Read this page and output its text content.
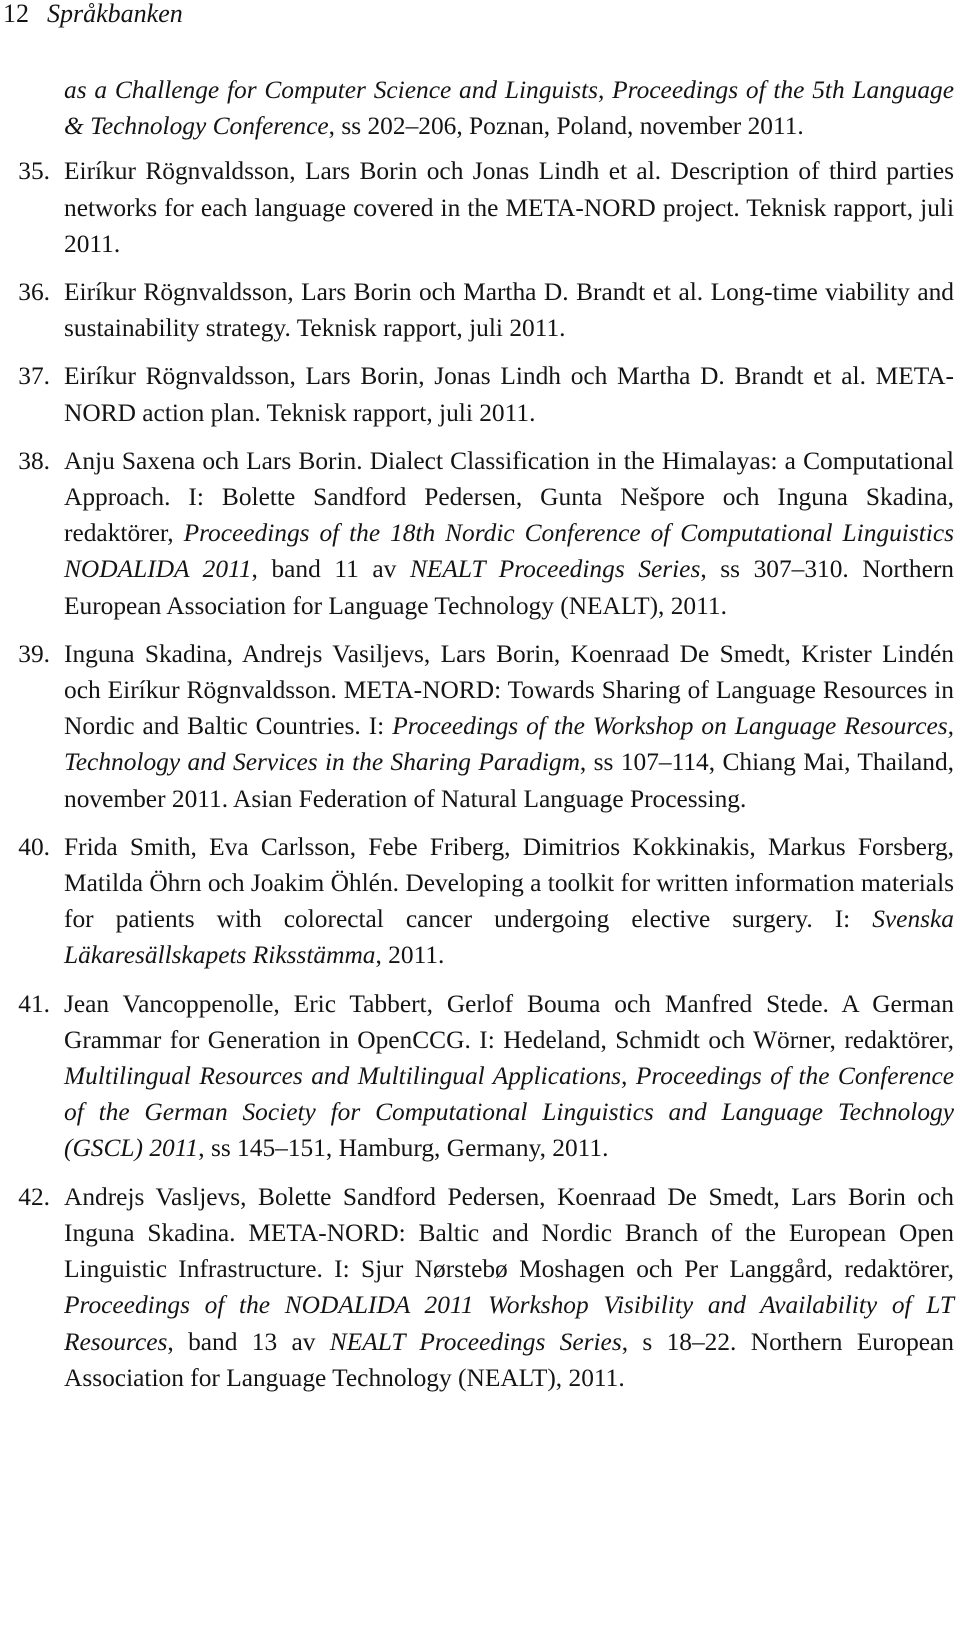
12 Språkbanken
as a Challenge for Computer Science and Linguists, Proceedings of the 5th Language & Technology Conference, ss 202–206, Poznan, Poland, november 2011.
35. Eiríkur Rögnvaldsson, Lars Borin och Jonas Lindh et al. Description of third parties networks for each language covered in the META-NORD project. Teknisk rapport, juli 2011.
36. Eiríkur Rögnvaldsson, Lars Borin och Martha D. Brandt et al. Long-time viability and sustainability strategy. Teknisk rapport, juli 2011.
37. Eiríkur Rögnvaldsson, Lars Borin, Jonas Lindh och Martha D. Brandt et al. META-NORD action plan. Teknisk rapport, juli 2011.
38. Anju Saxena och Lars Borin. Dialect Classification in the Himalayas: a Computational Approach. I: Bolette Sandford Pedersen, Gunta Nešpore och Inguna Skadina, redaktörer, Proceedings of the 18th Nordic Conference of Computational Linguistics NODALIDA 2011, band 11 av NEALT Proceedings Series, ss 307–310. Northern European Association for Language Technology (NEALT), 2011.
39. Inguna Skadina, Andrejs Vasiljevs, Lars Borin, Koenraad De Smedt, Krister Lindén och Eiríkur Rögnvaldsson. META-NORD: Towards Sharing of Language Resources in Nordic and Baltic Countries. I: Proceedings of the Workshop on Language Resources, Technology and Services in the Sharing Paradigm, ss 107–114, Chiang Mai, Thailand, november 2011. Asian Federation of Natural Language Processing.
40. Frida Smith, Eva Carlsson, Febe Friberg, Dimitrios Kokkinakis, Markus Forsberg, Matilda Öhrn och Joakim Öhlén. Developing a toolkit for written information materials for patients with colorectal cancer undergoing elective surgery. I: Svenska Läkaresällskapets Riksstämma, 2011.
41. Jean Vancoppenolle, Eric Tabbert, Gerlof Bouma och Manfred Stede. A German Grammar for Generation in OpenCCG. I: Hedeland, Schmidt och Wörner, redaktörer, Multilingual Resources and Multilingual Applications, Proceedings of the Conference of the German Society for Computational Linguistics and Language Technology (GSCL) 2011, ss 145–151, Hamburg, Germany, 2011.
42. Andrejs Vasljevs, Bolette Sandford Pedersen, Koenraad De Smedt, Lars Borin och Inguna Skadina. META-NORD: Baltic and Nordic Branch of the European Open Linguistic Infrastructure. I: Sjur Nørstebø Moshagen och Per Langgård, redaktörer, Proceedings of the NODALIDA 2011 Workshop Visibility and Availability of LT Resources, band 13 av NEALT Proceedings Series, s 18–22. Northern European Association for Language Technology (NEALT), 2011.
